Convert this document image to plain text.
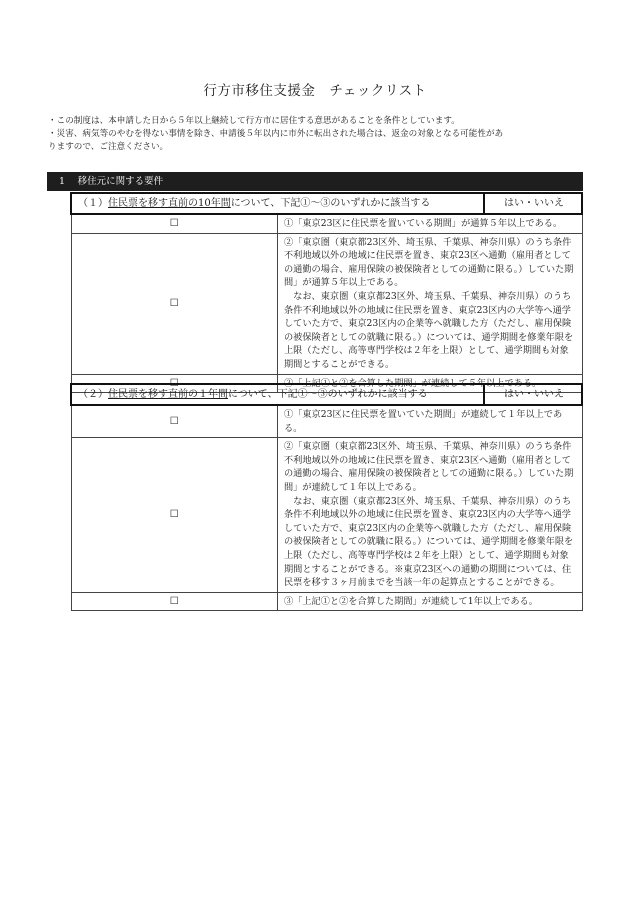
行方市移住支援金　チェックリスト
・この制度は、本申請した日から５年以上継続して行方市に居住する意思があることを条件としています。
・災害、病気等のやむを得ない事情を除き、申請後５年以内に市外に転出された場合は、返金の対象となる可能性があ
りますので、ご注意ください。
1　 移住元に関する要件
（１）住民票を移す直前の10年間について、下記①〜③のいずれかに該当する		はい・いいえ
☐	①「東京23区に住民票を置いている期間」が通算５年以上である。	
☐	②「東京圏（東京都23区外、埼玉県、千葉県、神奈川県）のうち条件不利地域以外の地域に住民票を置き、東京23区へ通勤（雇用者としての通勤の場合、雇用保険の被保険者としての通勤に限る。）していた期間」が通算５年以上である。
なお、東京圏（東京都23区外、埼玉県、千葉県、神奈川県）のうち条件不利地域以外の地域に住民票を置き、東京23区内の大学等へ通学していた方で、東京23区内の企業等へ就職した方（ただし、雇用保険の被保険者としての就職に限る。）については、通学期間を修業年限を上限（ただし、高等専門学校は２年を上限）として、通学期間も対象期間とすることができる。	

☐	③「上記①と②を合算した期間」が連続して５年以上である。	
（２）住民票を移す直前の１年間について、下記①〜③のいずれかに該当する		はい・いいえ
☐	①「東京23区に住民票を置いていた期間」が連続して１年以上である。	
☐	②「東京圏（東京都23区外、埼玉県、千葉県、神奈川県）のうち条件不利地域以外の地域に住民票を置き、東京23区へ通勤（雇用者としての通勤の場合、雇用保険の被保険者としての通勤に限る。）していた期間」が連続して１年以上である。
なお、東京圏（東京都23区外、埼玉県、千葉県、神奈川県）のうち条件不利地域以外の地域に住民票を置き、東京23区内の大学等へ通学していた方で、東京23区内の企業等へ就職した方（ただし、雇用保険の被保険者としての就職に限る。）については、通学期間を修業年限を上限（ただし、高等専門学校は２年を上限）として、通学期間も対象期間とすることができる。※東京23区への通勤の期間については、住民票を移す３ヶ月前までを当該一年の起算点とすることができる。	

☐	③「上記①と②を合算した期間」が連続して1年以上である。	
